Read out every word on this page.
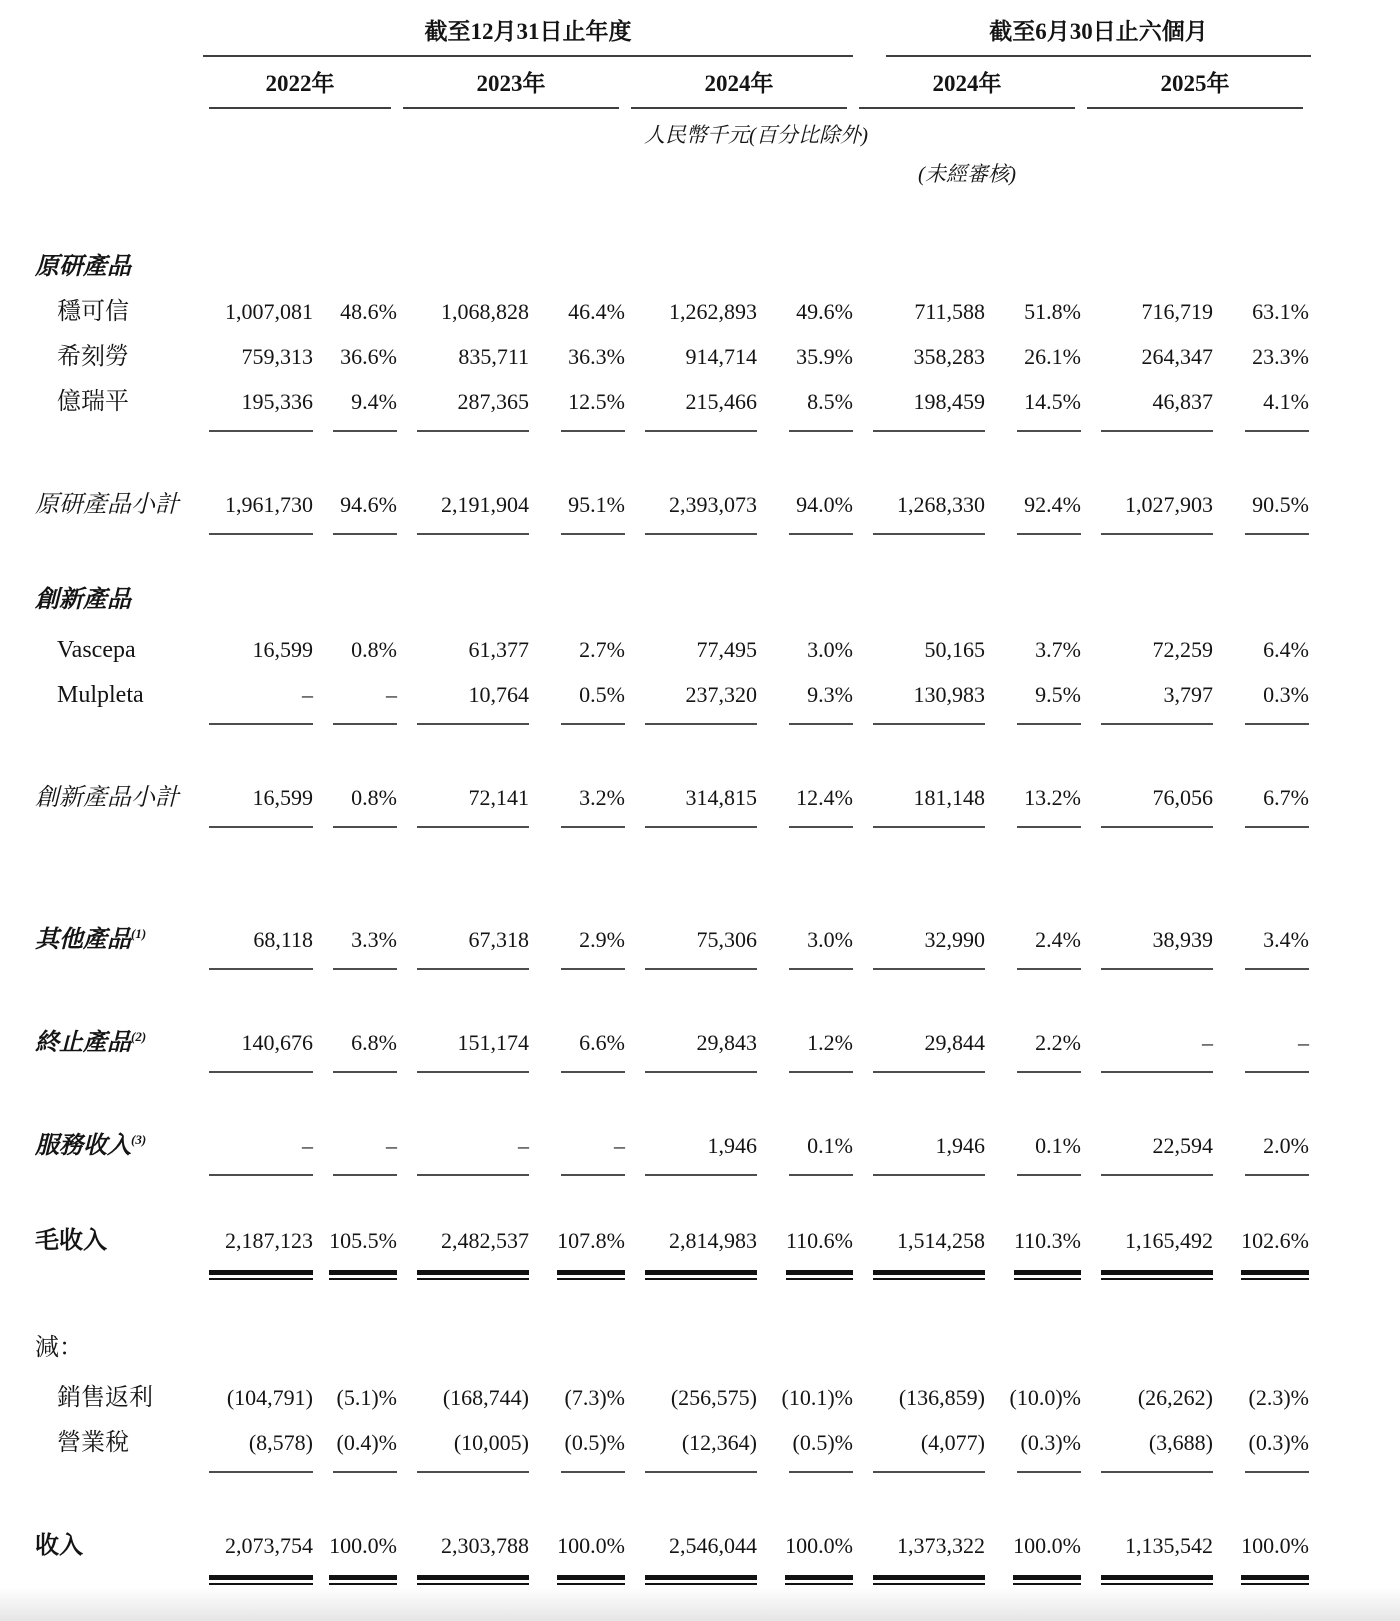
截至12月31日止年度	截至6月30日止六個月
2022年	2023年	2024年	2024年	2025年
人民幣千元(百分比除外)
(未經審核)
原研產品
穩可信	1,007,081	48.6%	1,068,828	46.4%	1,262,893	49.6%	711,588	51.8%	716,719	63.1%
希刻勞	759,313	36.6%	835,711	36.3%	914,714	35.9%	358,283	26.1%	264,347	23.3%
億瑞平	195,336	9.4%	287,365	12.5%	215,466	8.5%	198,459	14.5%	46,837	4.1%
原研產品小計	1,961,730	94.6%	2,191,904	95.1%	2,393,073	94.0%	1,268,330	92.4%	1,027,903	90.5%
創新產品
Vascepa	16,599	0.8%	61,377	2.7%	77,495	3.0%	50,165	3.7%	72,259	6.4%
Mulpleta	–	–	10,764	0.5%	237,320	9.3%	130,983	9.5%	3,797	0.3%
創新產品小計	16,599	0.8%	72,141	3.2%	314,815	12.4%	181,148	13.2%	76,056	6.7%
其他產品$^{(1)}$	68,118	3.3%	67,318	2.9%	75,306	3.0%	32,990	2.4%	38,939	3.4%
終止產品$^{(2)}$	140,676	6.8%	151,174	6.6%	29,843	1.2%	29,844	2.2%	–	–
服務收入$^{(3)}$	–	–	–	–	1,946	0.1%	1,946	0.1%	22,594	2.0%
毛收入	2,187,123 105.5%	2,482,537	107.8%	2,814,983	110.6%	1,514,258	110.3%	1,165,492	102.6%
減：
銷售返利	(104,791)	(5.1)%	(168,744)	(7.3)%	(256,575)	(10.1)%	(136,859)	(10.0)%	(26,262)	(2.3)%
營業稅	(8,578)	(0.4)%	(10,005)	(0.5)%	(12,364)	(0.5)%	(4,077)	(0.3)%	(3,688)	(0.3)%
收入	2,073,754 100.0%	2,303,788	100.0%	2,546,044	100.0%	1,373,322	100.0%	1,135,542	100.0%
